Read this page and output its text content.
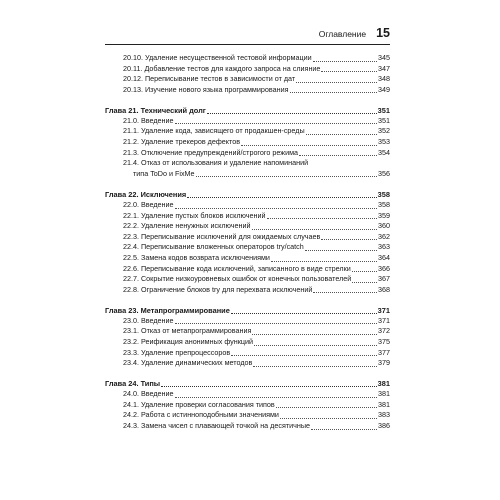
Оглавление 15
20.10. Удаление несущественной тестовой информации	345
20.11. Добавление тестов для каждого запроса на слияние	347
20.12. Переписывание тестов в зависимости от дат	348
20.13. Изучение нового языка программирования	349
Глава 21. Технический долг	351
21.0. Введение	351
21.1. Удаление кода, зависящего от продакшен-среды	352
21.2. Удаление трекеров дефектов	353
21.3. Отключение предупреждений/строгого режима	354
21.4. Отказ от использования и удаление напоминаний
типа ToDo и FixMe	356
Глава 22. Исключения	358
22.0. Введение	358
22.1. Удаление пустых блоков исключений	359
22.2. Удаление ненужных исключений	360
22.3. Переписывание исключений для ожидаемых случаев	362
22.4. Переписывание вложенных операторов try/catch	363
22.5. Замена кодов возврата исключениями	364
22.6. Переписывание кода исключений, записанного в виде стрелки	366
22.7. Сокрытие низкоуровневых ошибок от конечных пользователей	367
22.8. Ограничение блоков try для перехвата исключений	368
Глава 23. Метапрограммирование	371
23.0. Введение	371
23.1. Отказ от метапрограммирования	372
23.2. Реификация анонимных функций	375
23.3. Удаление препроцессоров	377
23.4. Удаление динамических методов	379
Глава 24. Типы	381
24.0. Введение	381
24.1. Удаление проверки согласования типов	381
24.2. Работа с истинноподобными значениями	383
24.3. Замена чисел с плавающей точкой на десятичные	386
